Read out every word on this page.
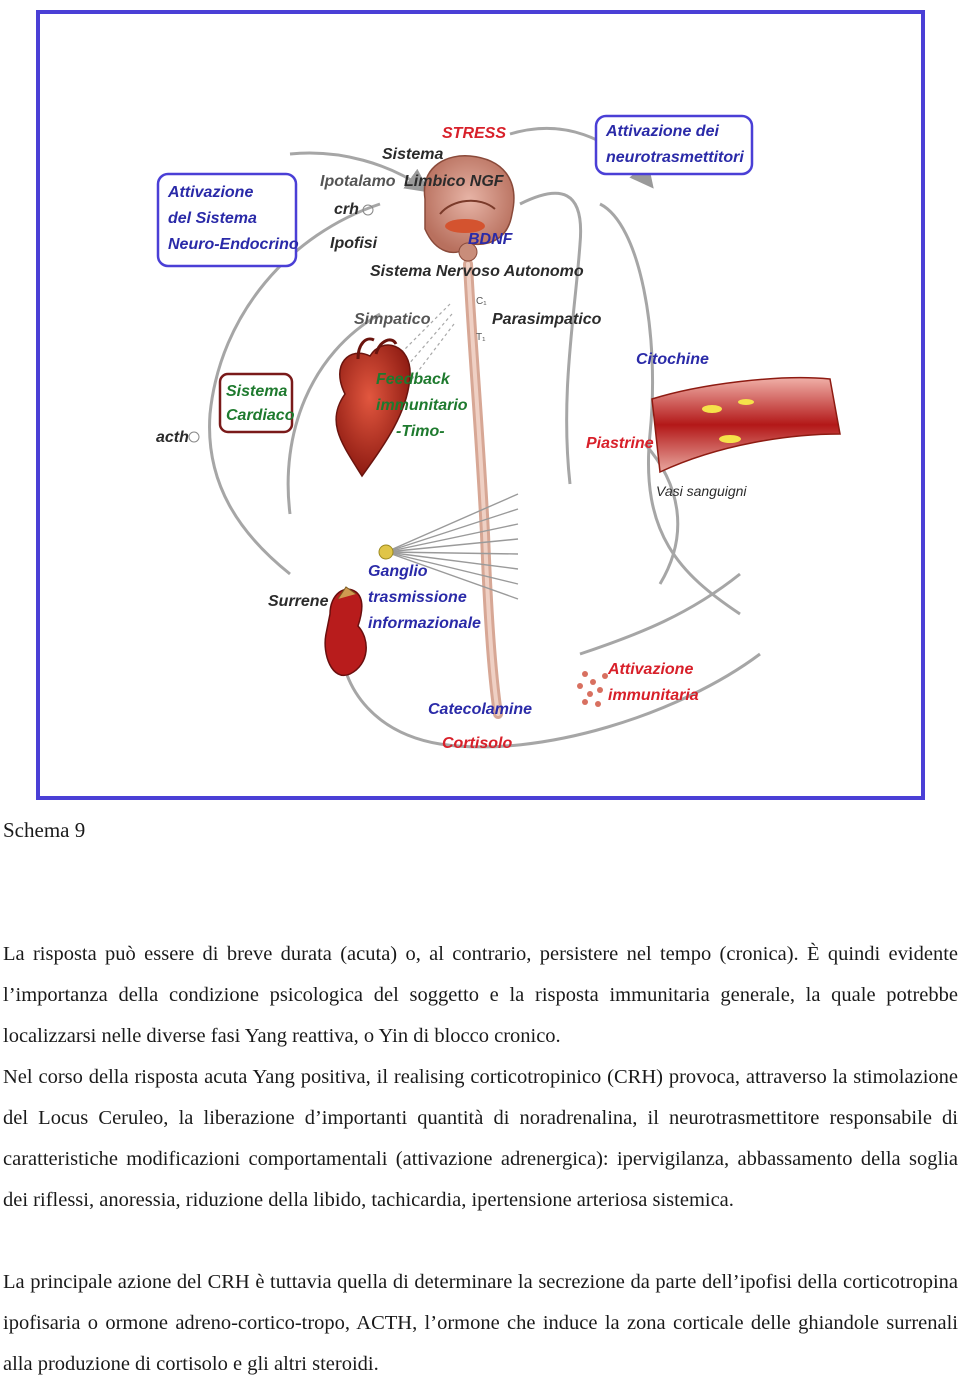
Attivazione
del Sistema
Neuro-Endocrino
Attivazione dei
neurotrasmettitori
Sistema
Cardiaco
STRESS
Sistema
Limbico NGF
Ipotalamo
crh
Ipofisi	BDNF
Sistema Nervoso Autonomo
Simpatico	Parasimpatico
C₁
T₁
Feedback
immunitario
-Timo-
acth
Citochine
Piastrine
Vasi sanguigni
Ganglio
trasmissione
informazionale
Surrene
Attivazione
immunitaria
Catecolamine
Cortisolo
Schema 9

La risposta può essere di breve durata (acuta) o, al contrario, persistere nel tempo (cronica). È quindi evidente l’importanza della condizione psicologica del soggetto e la risposta immunitaria generale, la quale potrebbe localizzarsi nelle diverse fasi Yang reattiva, o Yin di blocco cronico.

Nel corso della risposta acuta Yang positiva, il realising corticotropinico (CRH) provoca, attraverso la stimolazione del Locus Ceruleo, la liberazione d’importanti quantità di noradrenalina, il neurotrasmettitore responsabile di caratteristiche modificazioni comportamentali (attivazione adrenergica): ipervigilanza, abbassamento della soglia dei riflessi, anoressia, riduzione della libido, tachicardia, ipertensione arteriosa sistemica.

La principale azione del CRH è tuttavia quella di determinare la secrezione da parte dell’ipofisi della corticotropina ipofisaria o ormone adreno-cortico-tropo, ACTH, l’ormone che induce la zona corticale delle ghiandole surrenali alla produzione di cortisolo e gli altri steroidi.
